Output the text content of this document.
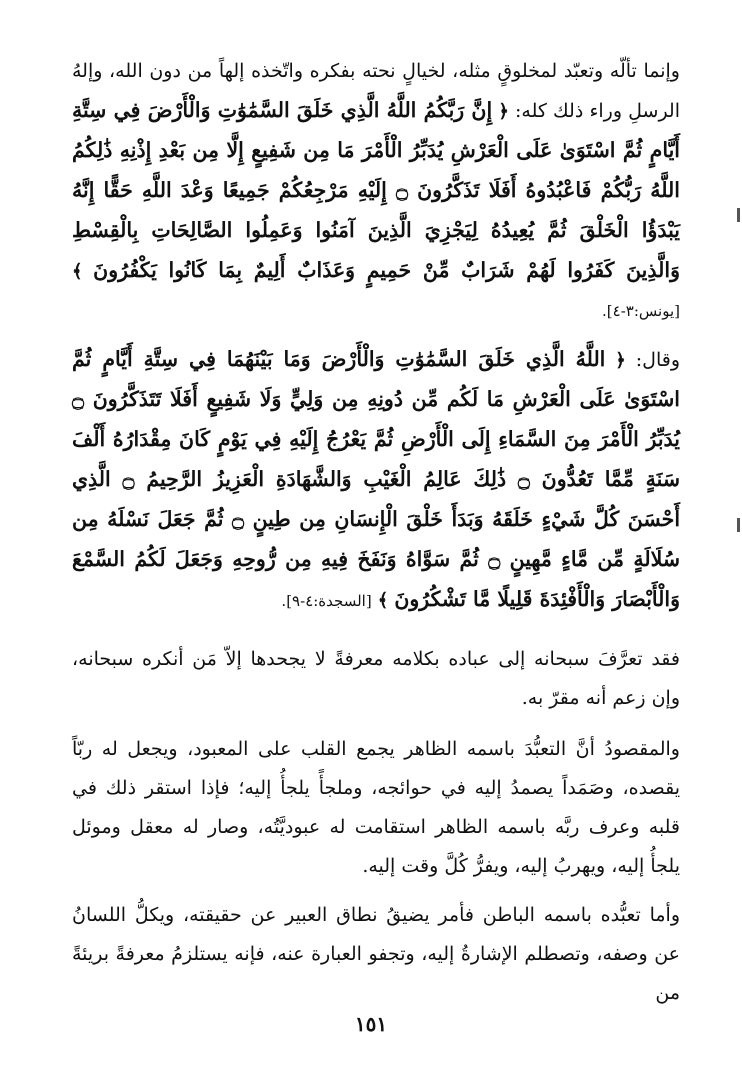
وإنما تألّه وتعبّد لمخلوقٍ مثله، لخيالٍ نحته بفكره واتّخذه إلهاً من دون الله، وإلهُ الرسلِ وراء ذلك كله: ﴿ إِنَّ رَبَّكُمُ اللَّهُ الَّذِي خَلَقَ السَّمَٰوَٰتِ وَالْأَرْضَ فِي سِتَّةِ أَيَّامٍ ثُمَّ اسْتَوَىٰ عَلَى الْعَرْشِ يُدَبِّرُ الْأَمْرَ مَا مِن شَفِيعٍ إِلَّا مِن بَعْدِ إِذْنِهِ ذَٰلِكُمُ اللَّهُ رَبُّكُمْ فَاعْبُدُوهُ أَفَلَا تَذَكَّرُونَ ۝ إِلَيْهِ مَرْجِعُكُمْ جَمِيعًا وَعْدَ اللَّهِ حَقًّا إِنَّهُ يَبْدَؤُا الْخَلْقَ ثُمَّ يُعِيدُهُ لِيَجْزِيَ الَّذِينَ آمَنُوا وَعَمِلُوا الصَّالِحَاتِ بِالْقِسْطِ وَالَّذِينَ كَفَرُوا لَهُمْ شَرَابٌ مِّنْ حَمِيمٍ وَعَذَابٌ أَلِيمٌ بِمَا كَانُوا يَكْفُرُونَ ﴾ [يونس:٣-٤].

وقال: ﴿ اللَّهُ الَّذِي خَلَقَ السَّمَٰوَٰتِ وَالْأَرْضَ وَمَا بَيْنَهُمَا فِي سِتَّةِ أَيَّامٍ ثُمَّ اسْتَوَىٰ عَلَى الْعَرْشِ مَا لَكُم مِّن دُونِهِ مِن وَلِيٍّ وَلَا شَفِيعٍ أَفَلَا تَتَذَكَّرُونَ ۝ يُدَبِّرُ الْأَمْرَ مِنَ السَّمَاءِ إِلَى الْأَرْضِ ثُمَّ يَعْرُجُ إِلَيْهِ فِي يَوْمٍ كَانَ مِقْدَارُهُ أَلْفَ سَنَةٍ مِّمَّا تَعُدُّونَ ۝ ذَٰلِكَ عَالِمُ الْغَيْبِ وَالشَّهَادَةِ الْعَزِيزُ الرَّحِيمُ ۝ الَّذِي أَحْسَنَ كُلَّ شَيْءٍ خَلَقَهُ وَبَدَأَ خَلْقَ الْإِنسَانِ مِن طِينٍ ۝ ثُمَّ جَعَلَ نَسْلَهُ مِن سُلَالَةٍ مِّن مَّاءٍ مَّهِينٍ ۝ ثُمَّ سَوَّاهُ وَنَفَخَ فِيهِ مِن رُّوحِهِ وَجَعَلَ لَكُمُ السَّمْعَ وَالْأَبْصَارَ وَالْأَفْئِدَةَ قَلِيلًا مَّا تَشْكُرُونَ ﴾ [السجدة:٤-٩].

فقد تعرَّفَ سبحانه إلى عباده بكلامه معرفةً لا يجحدها إلاّ مَن أنكره سبحانه، وإن زعم أنه مقرّ به.

والمقصودُ أنَّ التعبُّدَ باسمه الظاهر يجمع القلب على المعبود، ويجعل له ربّاً يقصده، وصَمَداً يصمدُ إليه في حوائجه، وملجأً يلجأُ إليه؛ فإذا استقر ذلك في قلبه وعرف ربَّه باسمه الظاهر استقامت له عبوديَّتُه، وصار له معقل وموئل يلجأُ إليه، ويهربُ إليه، ويفرُّ كُلَّ وقت إليه.

وأما تعبُّده باسمه الباطن فأمر يضيقُ نطاق العبير عن حقيقته، ويكلُّ اللسانُ عن وصفه، وتصطلم الإشارةُ إليه، وتجفو العبارة عنه، فإنه يستلزمُ معرفةً بريئةً من

١٥١
